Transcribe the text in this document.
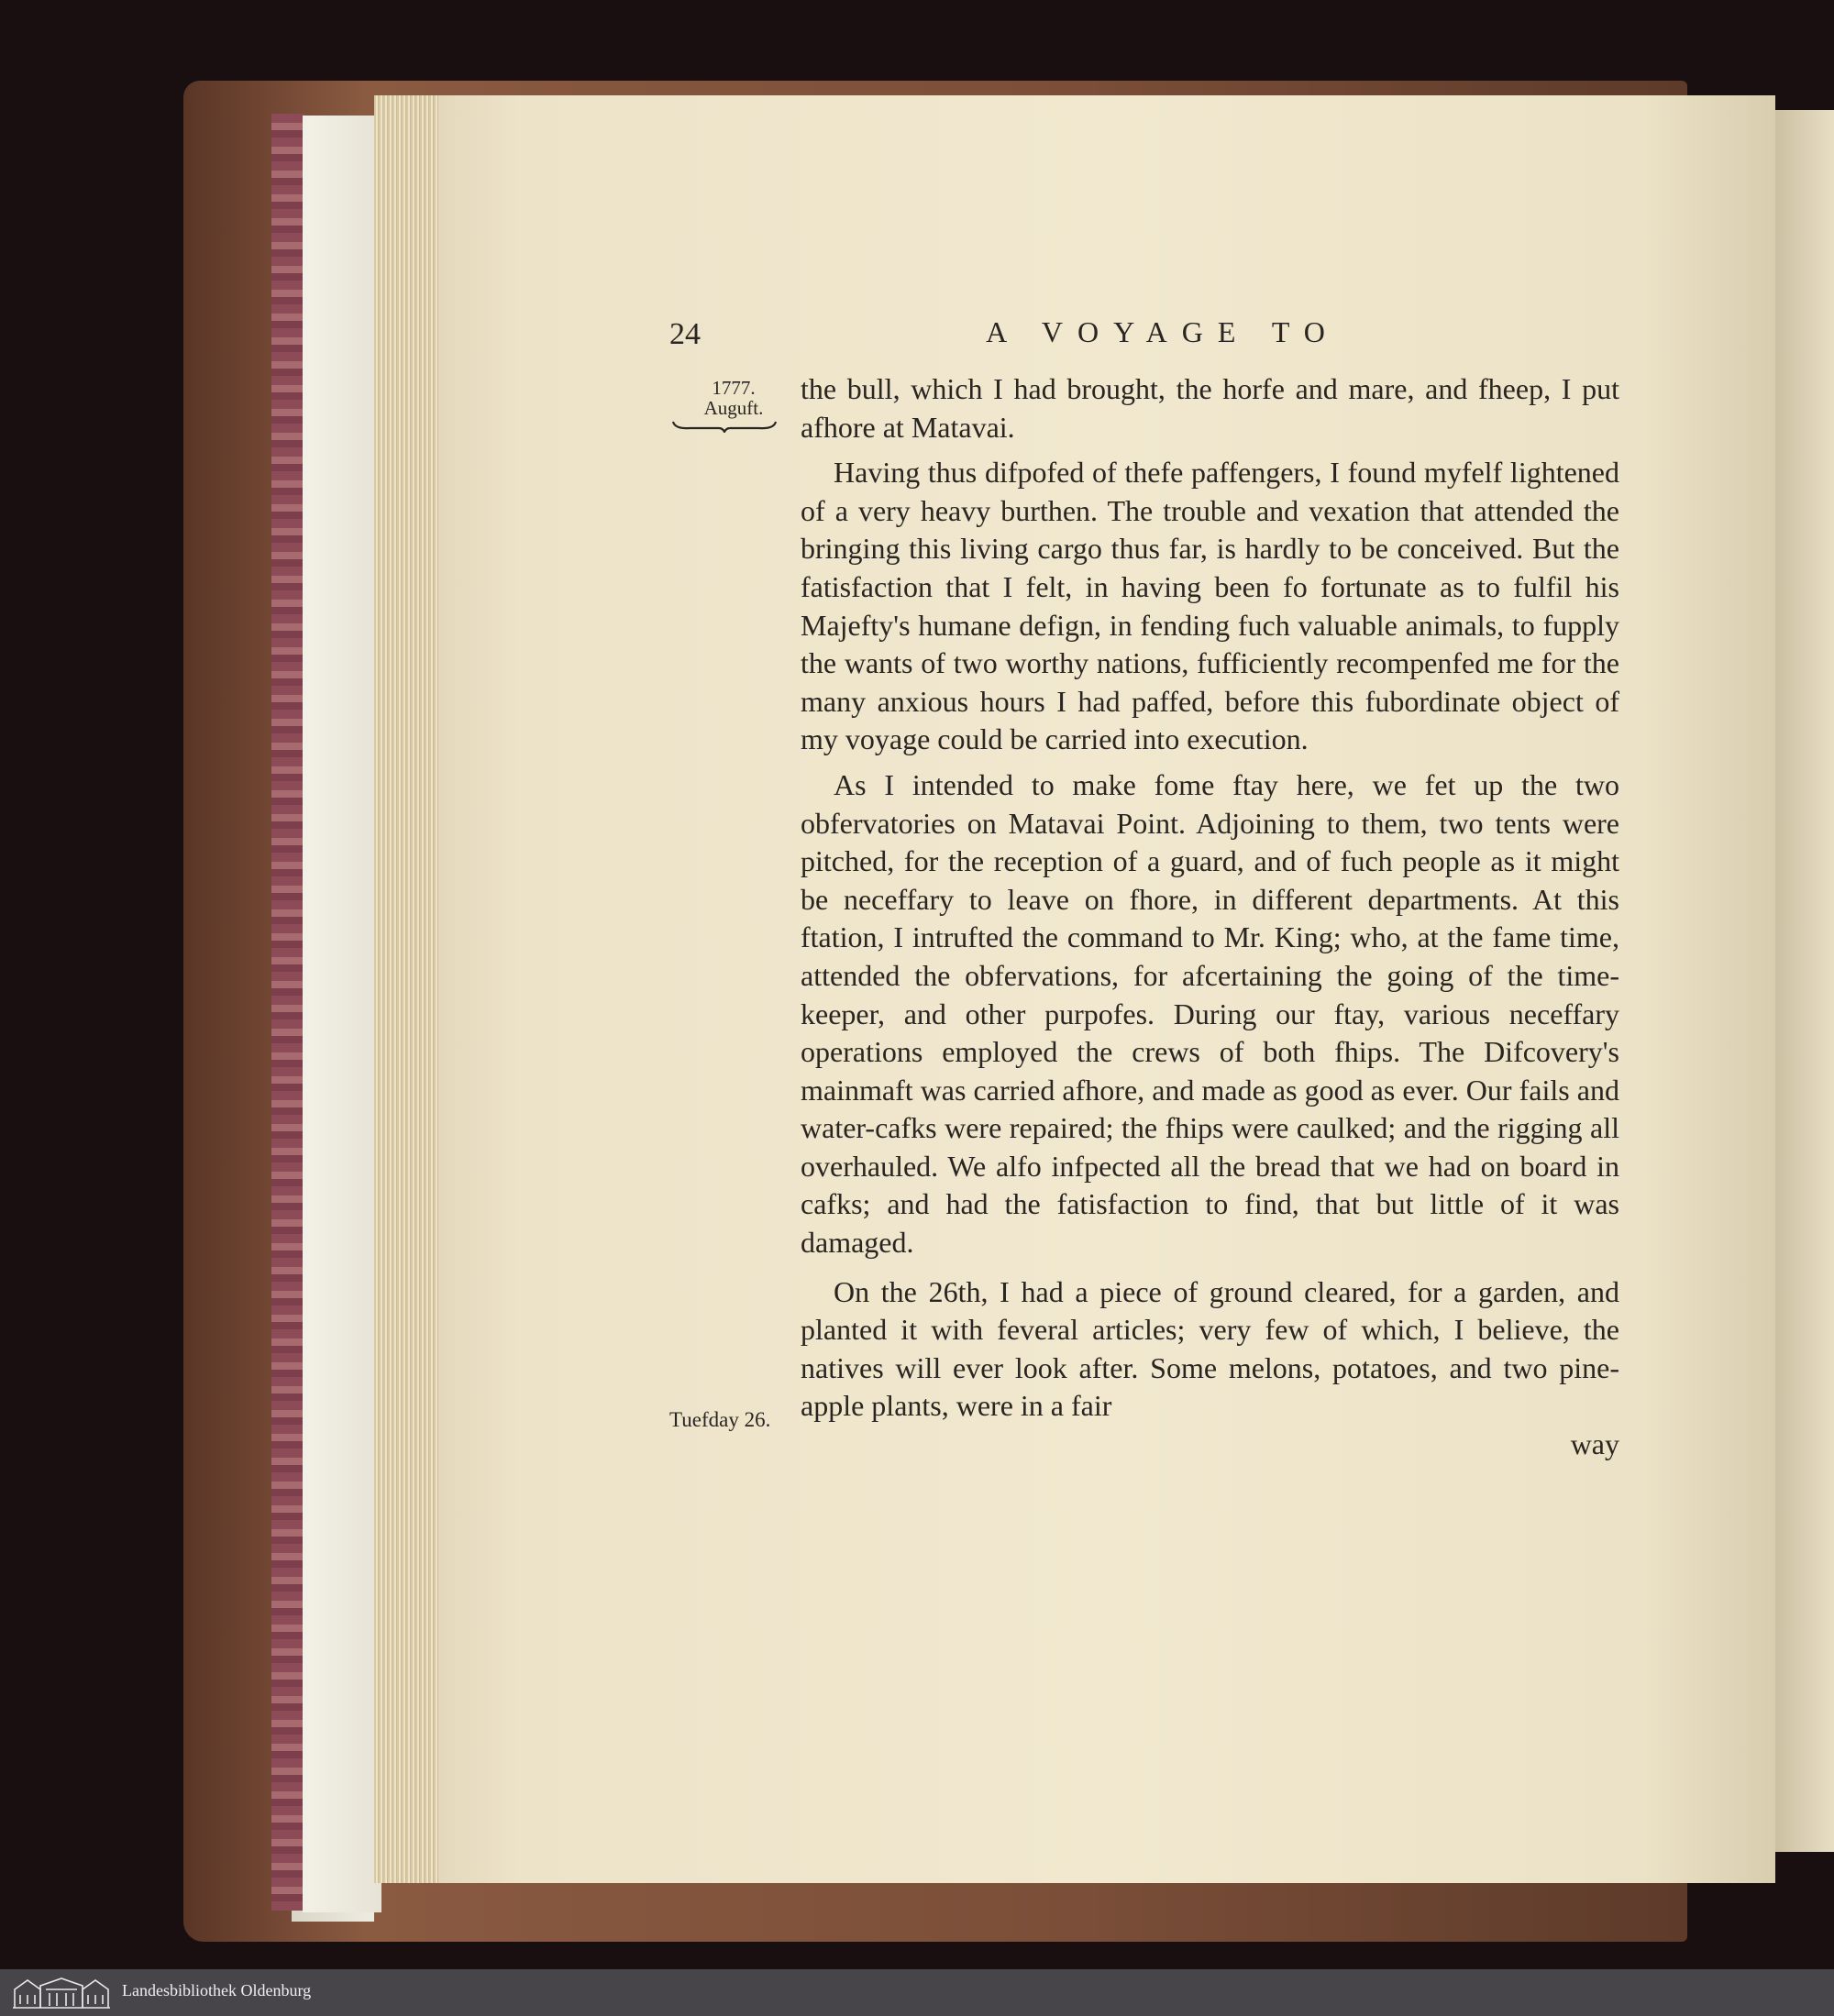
24	A VOYAGE TO
1777.
Auguft.
Tuefday 26.

the bull, which I had brought, the horfe and mare, and fheep, I put afhore at Matavai.

Having thus difpofed of thefe paffengers, I found myfelf lightened of a very heavy burthen. The trouble and vexation that attended the bringing this living cargo thus far, is hardly to be conceived. But the fatisfaction that I felt, in having been fo fortunate as to fulfil his Majefty's humane defign, in fending fuch valuable animals, to fupply the wants of two worthy nations, fufficiently recompenfed me for the many anxious hours I had paffed, before this fubordinate object of my voyage could be carried into execution.

As I intended to make fome ftay here, we fet up the two obfervatories on Matavai Point. Adjoining to them, two tents were pitched, for the reception of a guard, and of fuch people as it might be neceffary to leave on fhore, in different departments. At this ftation, I intrufted the command to Mr. King; who, at the fame time, attended the obfervations, for afcertaining the going of the time-keeper, and other purpofes. During our ftay, various neceffary operations employed the crews of both fhips. The Difcovery's mainmaft was carried afhore, and made as good as ever. Our fails and water-cafks were repaired; the fhips were caulked; and the rigging all overhauled. We alfo infpected all the bread that we had on board in cafks; and had the fatisfaction to find, that but little of it was damaged.

On the 26th, I had a piece of ground cleared, for a garden, and planted it with feveral articles; very few of which, I believe, the natives will ever look after. Some melons, potatoes, and two pine-apple plants, were in a fair

way
Landesbibliothek Oldenburg
